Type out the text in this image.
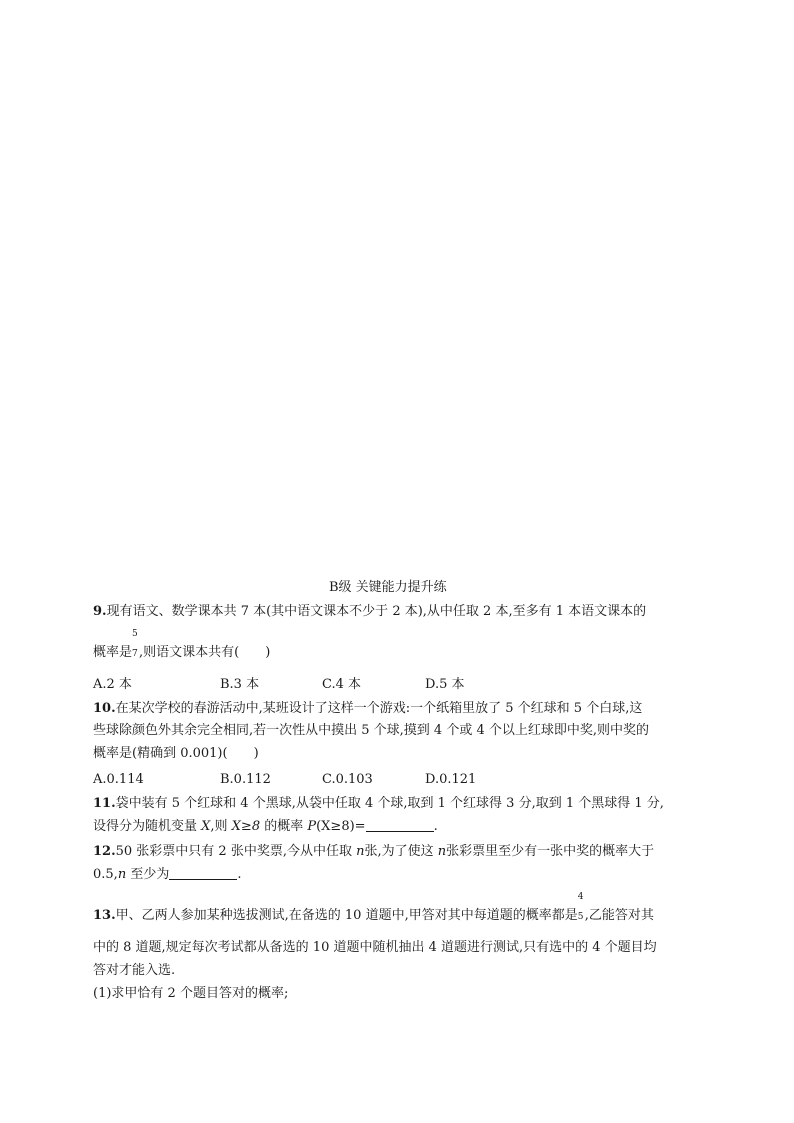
B级 关键能力提升练
9.现有语文、数学课本共 7 本(其中语文课本不少于 2 本),从中任取 2 本,至多有 1 本语文课本的
概率是
5
7,则语文课本共有(　　)
A.2 本	B.3 本	C.4 本	D.5 本
10.在某次学校的春游活动中,某班设计了这样一个游戏:一个纸箱里放了 5 个红球和 5 个白球,这
些球除颜色外其余完全相同,若一次性从中摸出 5 个球,摸到 4 个或 4 个以上红球即中奖,则中奖的
概率是(精确到 0.001)(　　)
A.0.114	B.0.112	C.0.103	D.0.121
11.袋中装有 5 个红球和 4 个黑球,从袋中任取 4 个球,取到 1 个红球得 3 分,取到 1 个黑球得 1 分,
设得分为随机变量 X,则 X≥8 的概率 P(X≥8)=	.
12.50 张彩票中只有 2 张中奖票,今从中任取 n张,为了使这 n张彩票里至少有一张中奖的概率大于
0.5,n 至少为	.
13.甲、乙两人参加某种选拔测试,在备选的 10 道题中,甲答对其中每道题的概率都是
4
5,乙能答对其
中的 8 道题,规定每次考试都从备选的 10 道题中随机抽出 4 道题进行测试,只有选中的 4 个题目均
答对才能入选.
(1)求甲恰有 2 个题目答对的概率;
